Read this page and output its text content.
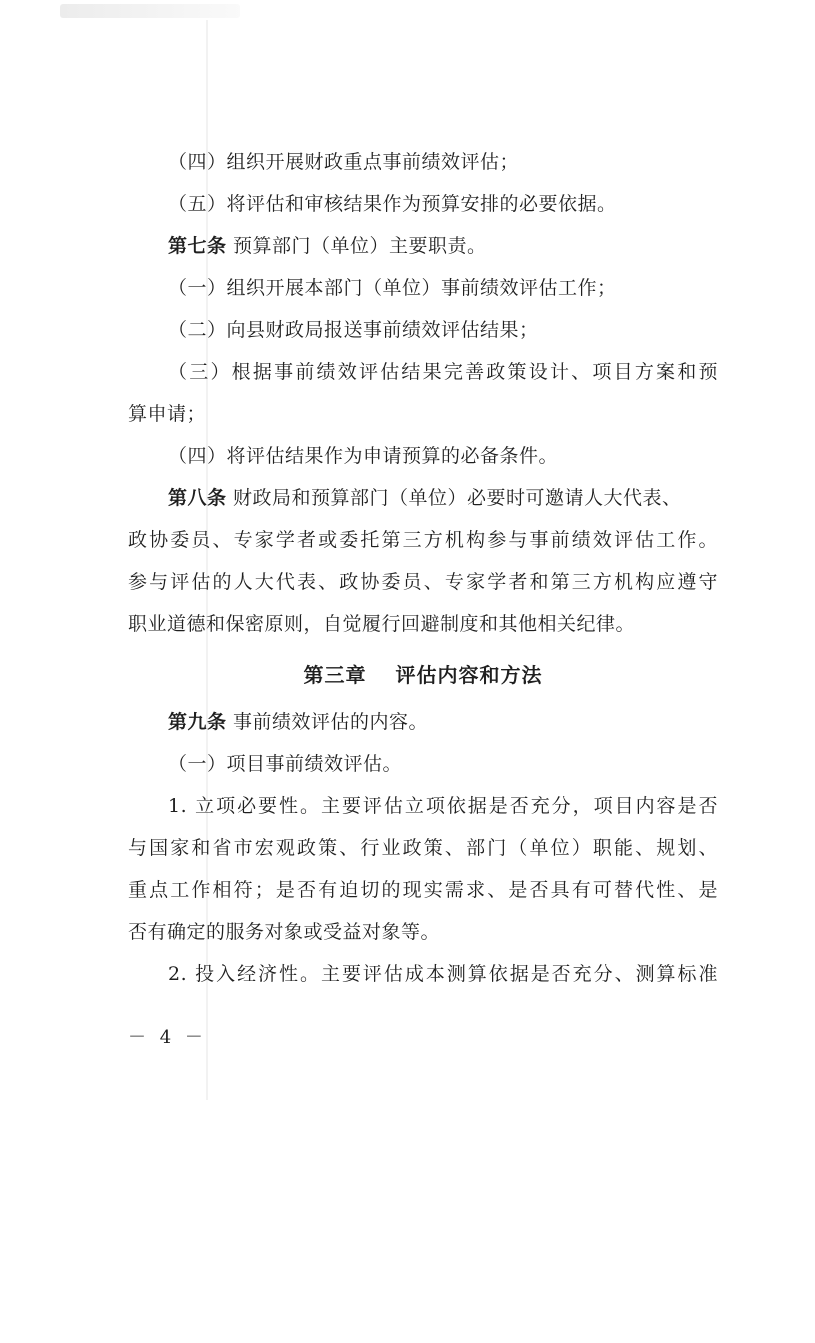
（四）组织开展财政重点事前绩效评估；
（五）将评估和审核结果作为预算安排的必要依据。
第七条 预算部门（单位）主要职责。
（一）组织开展本部门（单位）事前绩效评估工作；
（二）向县财政局报送事前绩效评估结果；
（三）根据事前绩效评估结果完善政策设计、项目方案和预
算申请；
（四）将评估结果作为申请预算的必备条件。
第八条 财政局和预算部门（单位）必要时可邀请人大代表、
政协委员、专家学者或委托第三方机构参与事前绩效评估工作。
参与评估的人大代表、政协委员、专家学者和第三方机构应遵守
职业道德和保密原则，自觉履行回避制度和其他相关纪律。
第三章　 评估内容和方法
第九条 事前绩效评估的内容。
（一）项目事前绩效评估。
1. 立项必要性。主要评估立项依据是否充分，项目内容是否
与国家和省市宏观政策、行业政策、部门（单位）职能、规划、
重点工作相符；是否有迫切的现实需求、是否具有可替代性、是
否有确定的服务对象或受益对象等。
2. 投入经济性。主要评估成本测算依据是否充分、测算标准
－ 4 －
